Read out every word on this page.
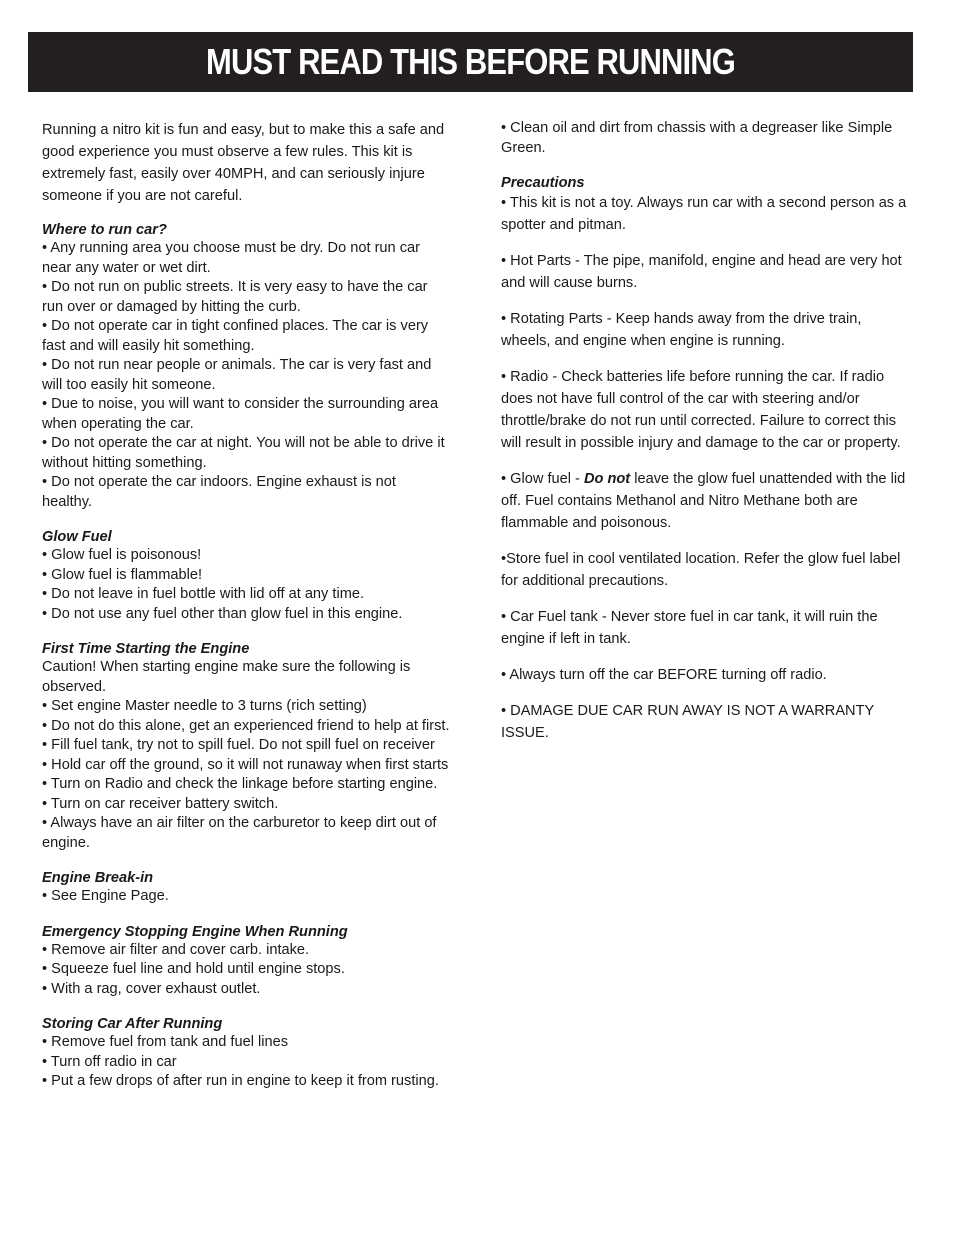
MUST READ THIS BEFORE RUNNING

Running a nitro kit is fun and easy, but to make this a safe and good experience you must observe a few rules. This kit is extremely fast, easily over 40MPH, and can seriously injure someone if you are not careful.

Where to run car?

• Any running area you choose must be dry. Do not run car near any water or wet dirt.

• Do not run on public streets. It is very easy to have the car run over or damaged by hitting the curb.

• Do not operate car in tight confined places. The car is very fast and will easily hit something.

• Do not run near people or animals. The car is very fast and will too easily hit someone.

• Due to noise, you will want to consider the surrounding area when operating the car.

• Do not operate the car at night. You will not be able to drive it without hitting something.

• Do not operate the car indoors. Engine exhaust is not healthy.

Glow Fuel

• Glow fuel is poisonous!

• Glow fuel is flammable!

• Do not leave in fuel bottle with lid off at any time.

• Do not use any fuel other than glow fuel in this engine.

First Time Starting the Engine

Caution! When starting engine make sure the following is observed.

• Set engine Master needle to 3 turns (rich setting)

• Do not do this alone, get an experienced friend to help at first.

• Fill fuel tank, try not to spill fuel. Do not spill fuel on receiver

• Hold car off the ground, so it will not runaway when first starts

• Turn on Radio and check the linkage before starting engine.

• Turn on car receiver battery switch.

• Always have an air filter on the carburetor to keep dirt out of engine.

Engine Break-in

• See Engine Page.

Emergency Stopping Engine When Running

• Remove air filter and cover carb. intake.

• Squeeze fuel line and hold until engine stops.

• With a rag, cover exhaust outlet.

Storing Car After Running

• Remove fuel from tank and fuel lines

• Turn off radio in car

• Put a few drops of after run in engine to keep it from rusting.

• Clean oil and dirt from chassis with a degreaser like Simple Green.

Precautions

• This kit is not a toy. Always run car with a second person as a spotter and pitman.

• Hot Parts - The pipe, manifold, engine and head are very hot and will cause burns.

• Rotating Parts - Keep hands away from the drive train, wheels, and engine when engine is running.

• Radio - Check batteries life before running the car. If radio does not have full control of the car with steering and/or throttle/brake do not run until corrected. Failure to correct this will result in possible injury and damage to the car or property.

• Glow fuel - Do not leave the glow fuel unattended with the lid off. Fuel contains Methanol and Nitro Methane both are flammable and poisonous.

•Store fuel in cool ventilated location. Refer the glow fuel label for additional precautions.

• Car Fuel tank - Never store fuel in car tank, it will ruin the engine if left in tank.

• Always turn off the car BEFORE turning off radio.

• DAMAGE DUE CAR RUN AWAY IS NOT A WARRANTY ISSUE.
